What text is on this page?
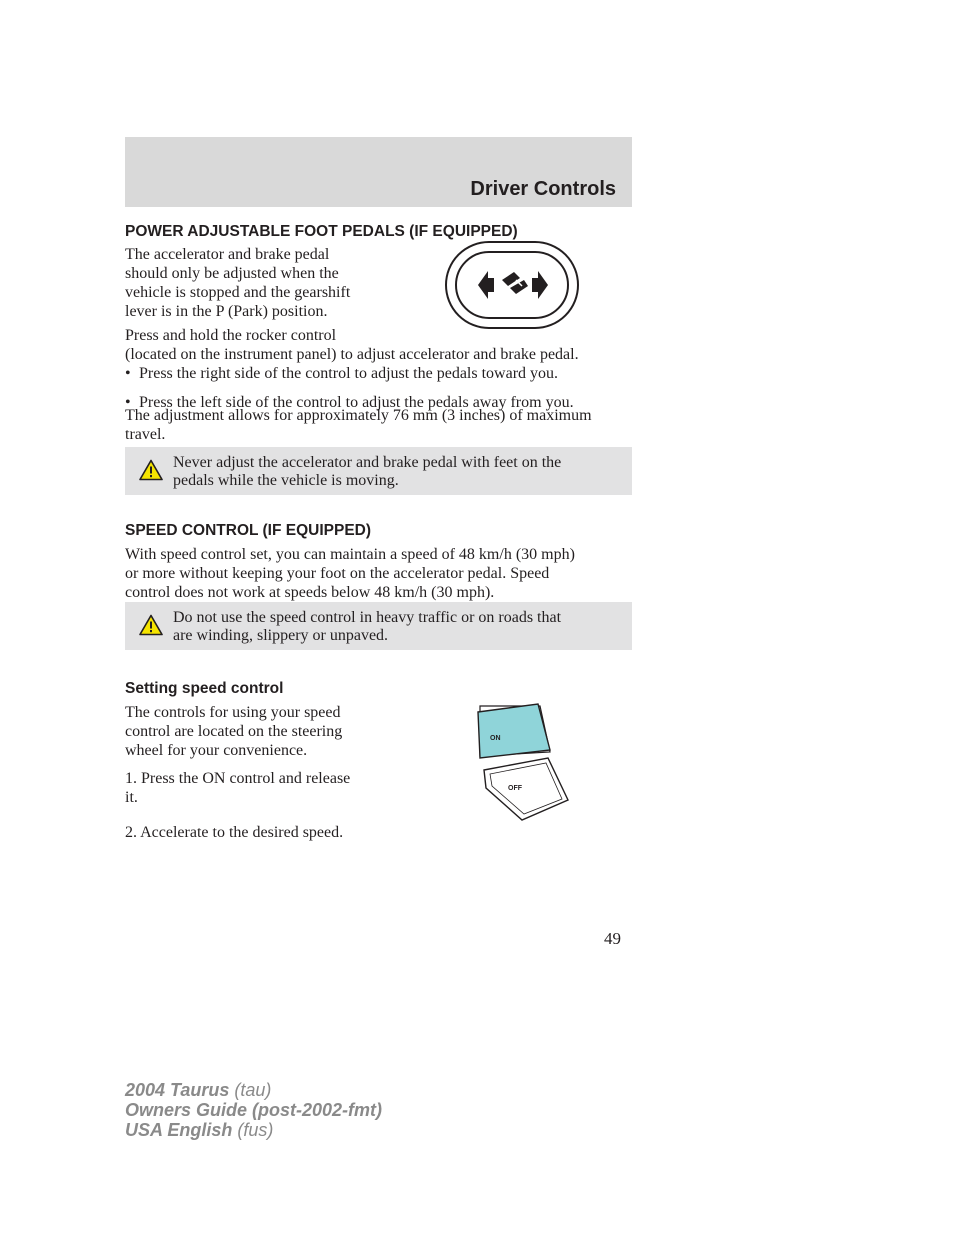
Driver Controls
POWER ADJUSTABLE FOOT PEDALS (IF EQUIPPED)

The accelerator and brake pedal

should only be adjusted when the

vehicle is stopped and the gearshift

lever is in the P (Park) position.

Press and hold the rocker control

(located on the instrument panel) to adjust accelerator and brake pedal.

• Press the right side of the control to adjust the pedals toward you.
• Press the left side of the control to adjust the pedals away from you.

The adjustment allows for approximately 76 mm (3 inches) of maximum

travel.

Never adjust the accelerator and brake pedal with feet on the
pedals while the vehicle is moving.
SPEED CONTROL (IF EQUIPPED)

With speed control set, you can maintain a speed of 48 km/h (30 mph)

or more without keeping your foot on the accelerator pedal. Speed

control does not work at speeds below 48 km/h (30 mph).

Do not use the speed control in heavy traffic or on roads that
are winding, slippery or unpaved.
Setting speed control

The controls for using your speed

control are located on the steering

wheel for your convenience.

1. Press the ON control and release

it.

2. Accelerate to the desired speed.
ON
OFF
49
2004 Taurus (tau)
Owners Guide (post-2002-fmt)
USA English (fus)
